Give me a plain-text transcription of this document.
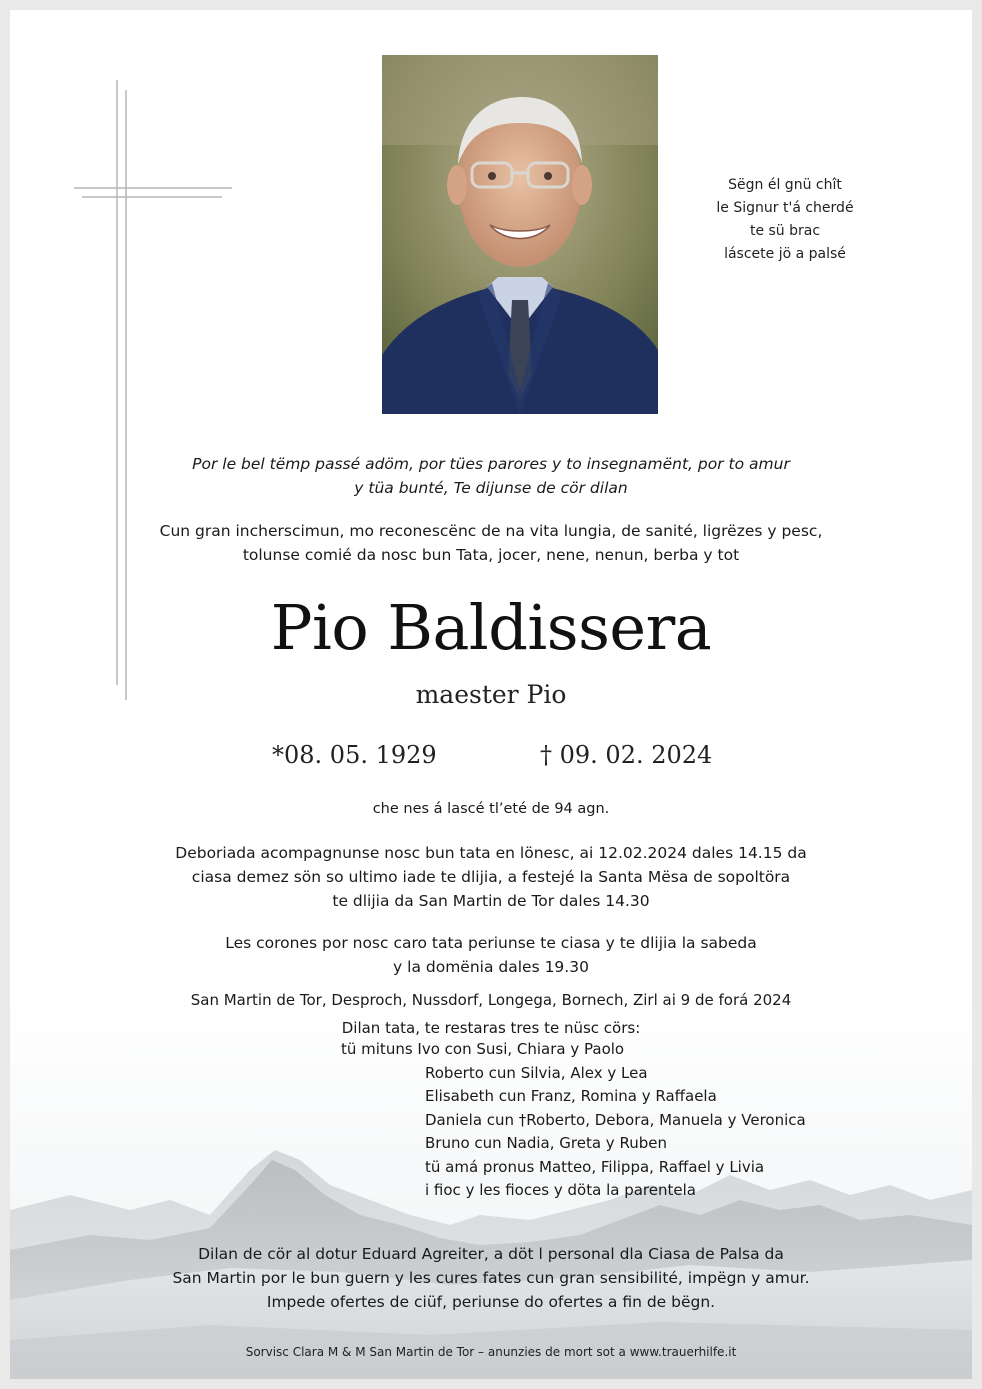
Sëgn él gnü chît
le Signur t'á cherdé
te sü brac
láscete jö a palsé
Por le bel tëmp passé adöm, por tües parores y to insegnamënt, por to amur
y tüa bunté, Te dijunse de cör dilan
Cun gran incherscimun, mo reconescënc de na vita lungia, de sanité, ligrëzes y pesc,
tolunse comié da nosc bun Tata, jocer, nene, nenun, berba y tot
Pio Baldissera
maester Pio
*08. 05. 1929	† 09. 02. 2024
che nes á lascé tl’eté de 94 agn.
Deboriada acompagnunse nosc bun tata en lönesc, ai 12.02.2024 dales 14.15 da
ciasa demez sön so ultimo iade te dlijia, a festejé la Santa Mësa de sopoltöra
te dlijia da San Martin de Tor dales 14.30
Les corones por nosc caro tata periunse te ciasa y te dlijia la sabeda
y la domënia dales 19.30
San Martin de Tor, Desproch, Nussdorf, Longega, Bornech, Zirl ai 9 de forá 2024
Dilan tata, te restaras tres te nüsc cörs:
tü mituns Ivo con Susi, Chiara y Paolo
Roberto cun Silvia, Alex y Lea
Elisabeth cun Franz, Romina y Raffaela
Daniela cun †Roberto, Debora, Manuela y Veronica
Bruno cun Nadia, Greta y Ruben
tü amá pronus Matteo, Filippa, Raffael y Livia
i fioc y les fioces y döta la parentela
Dilan de cör al dotur Eduard Agreiter, a döt l personal dla Ciasa de Palsa da
San Martin por le bun guern y les cures fates cun gran sensibilité, impëgn y amur.
Impede ofertes de ciüf, periunse do ofertes a fin de bëgn.
Sorvisc Clara M & M San Martin de Tor – anunzies de mort sot a www.trauerhilfe.it
